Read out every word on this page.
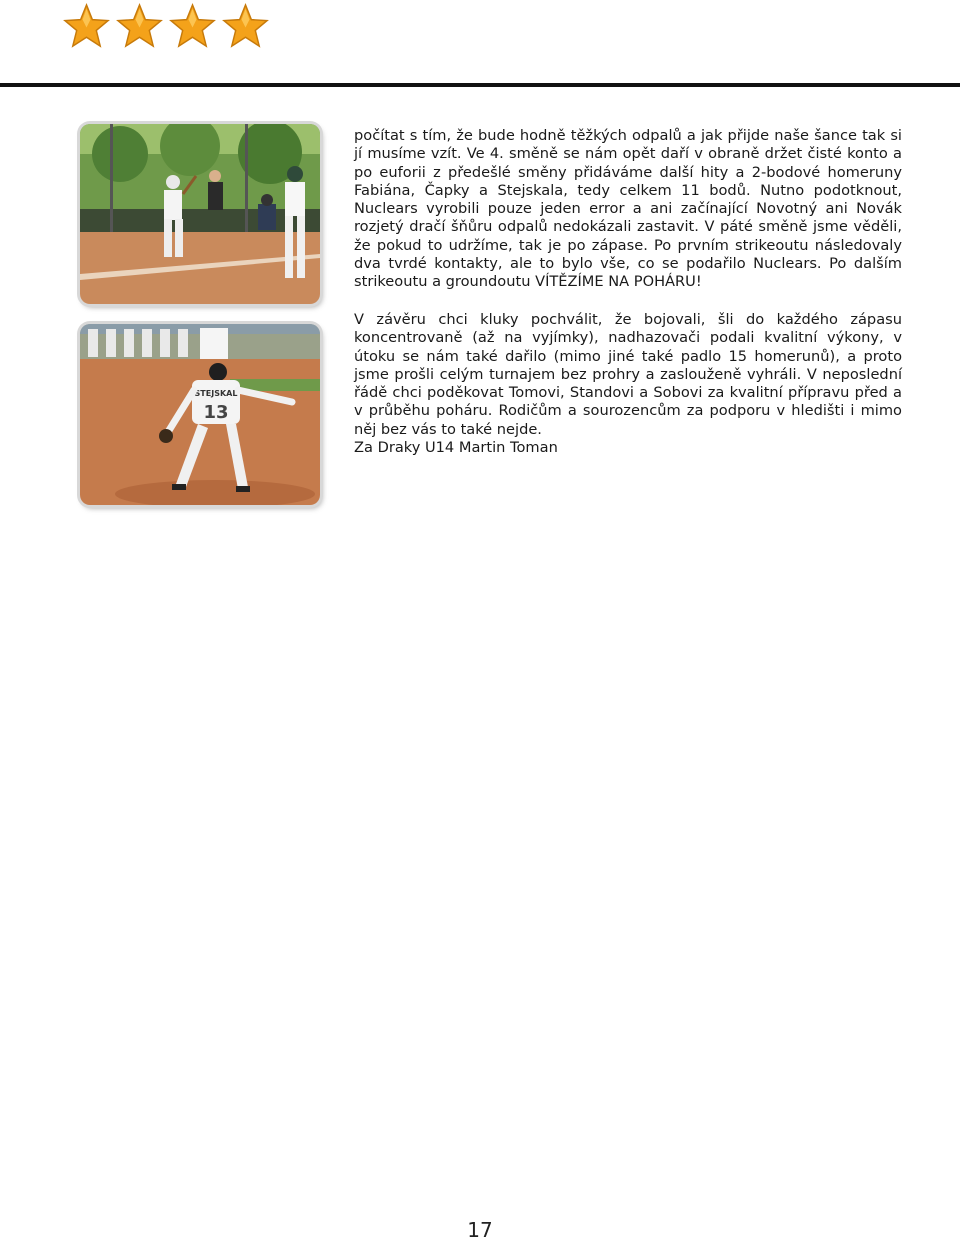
STEJSKAL
13

počítat s tím, že bude hodně těžkých odpalů a jak přijde naše šance tak si jí musíme vzít. Ve 4. směně se nám opět daří v obraně držet čisté konto a po euforii z předešlé směny přidáváme další hity a 2-bodové homeruny Fabiána, Čapky a Stejskala, tedy celkem 11 bodů. Nutno podotknout, Nuclears vyrobili pouze jeden error a ani začínající Novotný ani Novák rozjetý dračí šňůru odpalů nedokázali zastavit. V páté směně jsme věděli, že pokud to udržíme, tak je po zápase. Po prvním strikeoutu následovaly dva tvrdé kontakty, ale to bylo vše, co se podařilo Nuclears. Po dalším strikeoutu a groundoutu VÍTĚZÍME NA POHÁRU!

V závěru chci kluky pochválit, že bojovali, šli do každého zápasu koncentrovaně (až na vyjímky), nadhazovači podali kvalitní výkony, v útoku se nám také dařilo (mimo jiné také padlo 15 homerunů), a proto jsme prošli celým turnajem bez prohry a zaslouženě vyhráli. V neposlední řádě chci poděkovat Tomovi, Standovi a Sobovi za kvalitní přípravu před a v průběhu poháru. Rodičům a sourozencům za podporu v hledišti i mimo něj bez vás to také nejde.

Za Draky U14 Martin Toman

17
